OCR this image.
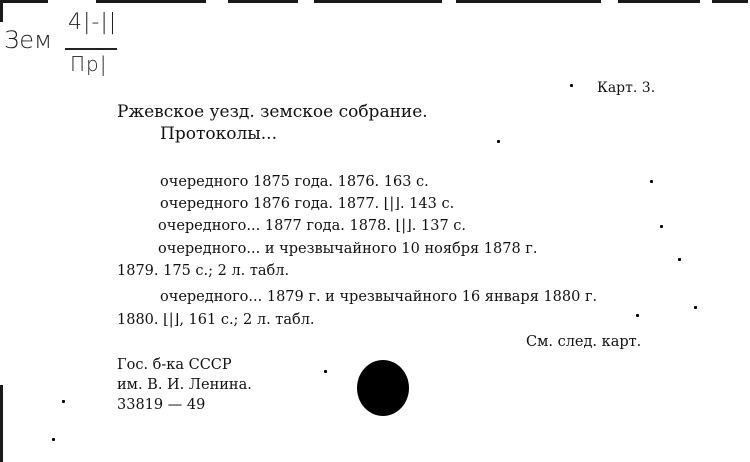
Зем
4|-||
Пр|
Карт. 3.
Ржевское уезд. земское собрание.
Протоколы...
очередного 1875 года. 1876. 163 с.
очередного 1876 года. 1877. ⌊|⌋. 143 с.
очередного... 1877 года. 1878. ⌊|⌋. 137 с.
очередного... и чрезвычайного 10 ноября 1878 г.
1879. 175 с.; 2 л. табл.
очередного... 1879 г. и чрезвычайного 16 января 1880 г.
1880. ⌊|⌋, 161 с.; 2 л. табл.
См. след. карт.
Гос. б-ка СССР
им. В. И. Ленина.
33819 — 49
